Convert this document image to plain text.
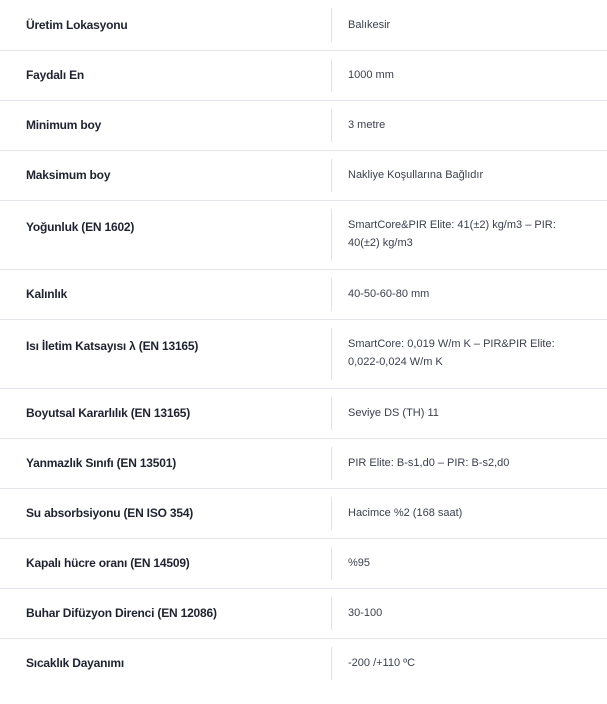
Üretim Lokasyonu	Balıkesir
Faydalı En	1000 mm
Minimum boy	3 metre
Maksimum boy	Nakliye Koşullarına Bağlıdır
Yoğunluk (EN 1602)	SmartCore&PIR Elite: 41(±2) kg/m3 – PIR: 40(±2) kg/m3
Kalınlık	40-50-60-80 mm
Isı İletim Katsayısı λ (EN 13165)	SmartCore: 0,019 W/m K – PIR&PIR Elite: 0,022-0,024 W/m K
Boyutsal Kararlılık (EN 13165)	Seviye DS (TH) 11
Yanmazlık Sınıfı (EN 13501)	PIR Elite: B-s1,d0 – PIR: B-s2,d0
Su absorbsiyonu (EN ISO 354)	Hacimce %2 (168 saat)
Kapalı hücre oranı (EN 14509)	%95
Buhar Difüzyon Direnci (EN 12086)	30-100
Sıcaklık Dayanımı	-200 /+110 ºC
